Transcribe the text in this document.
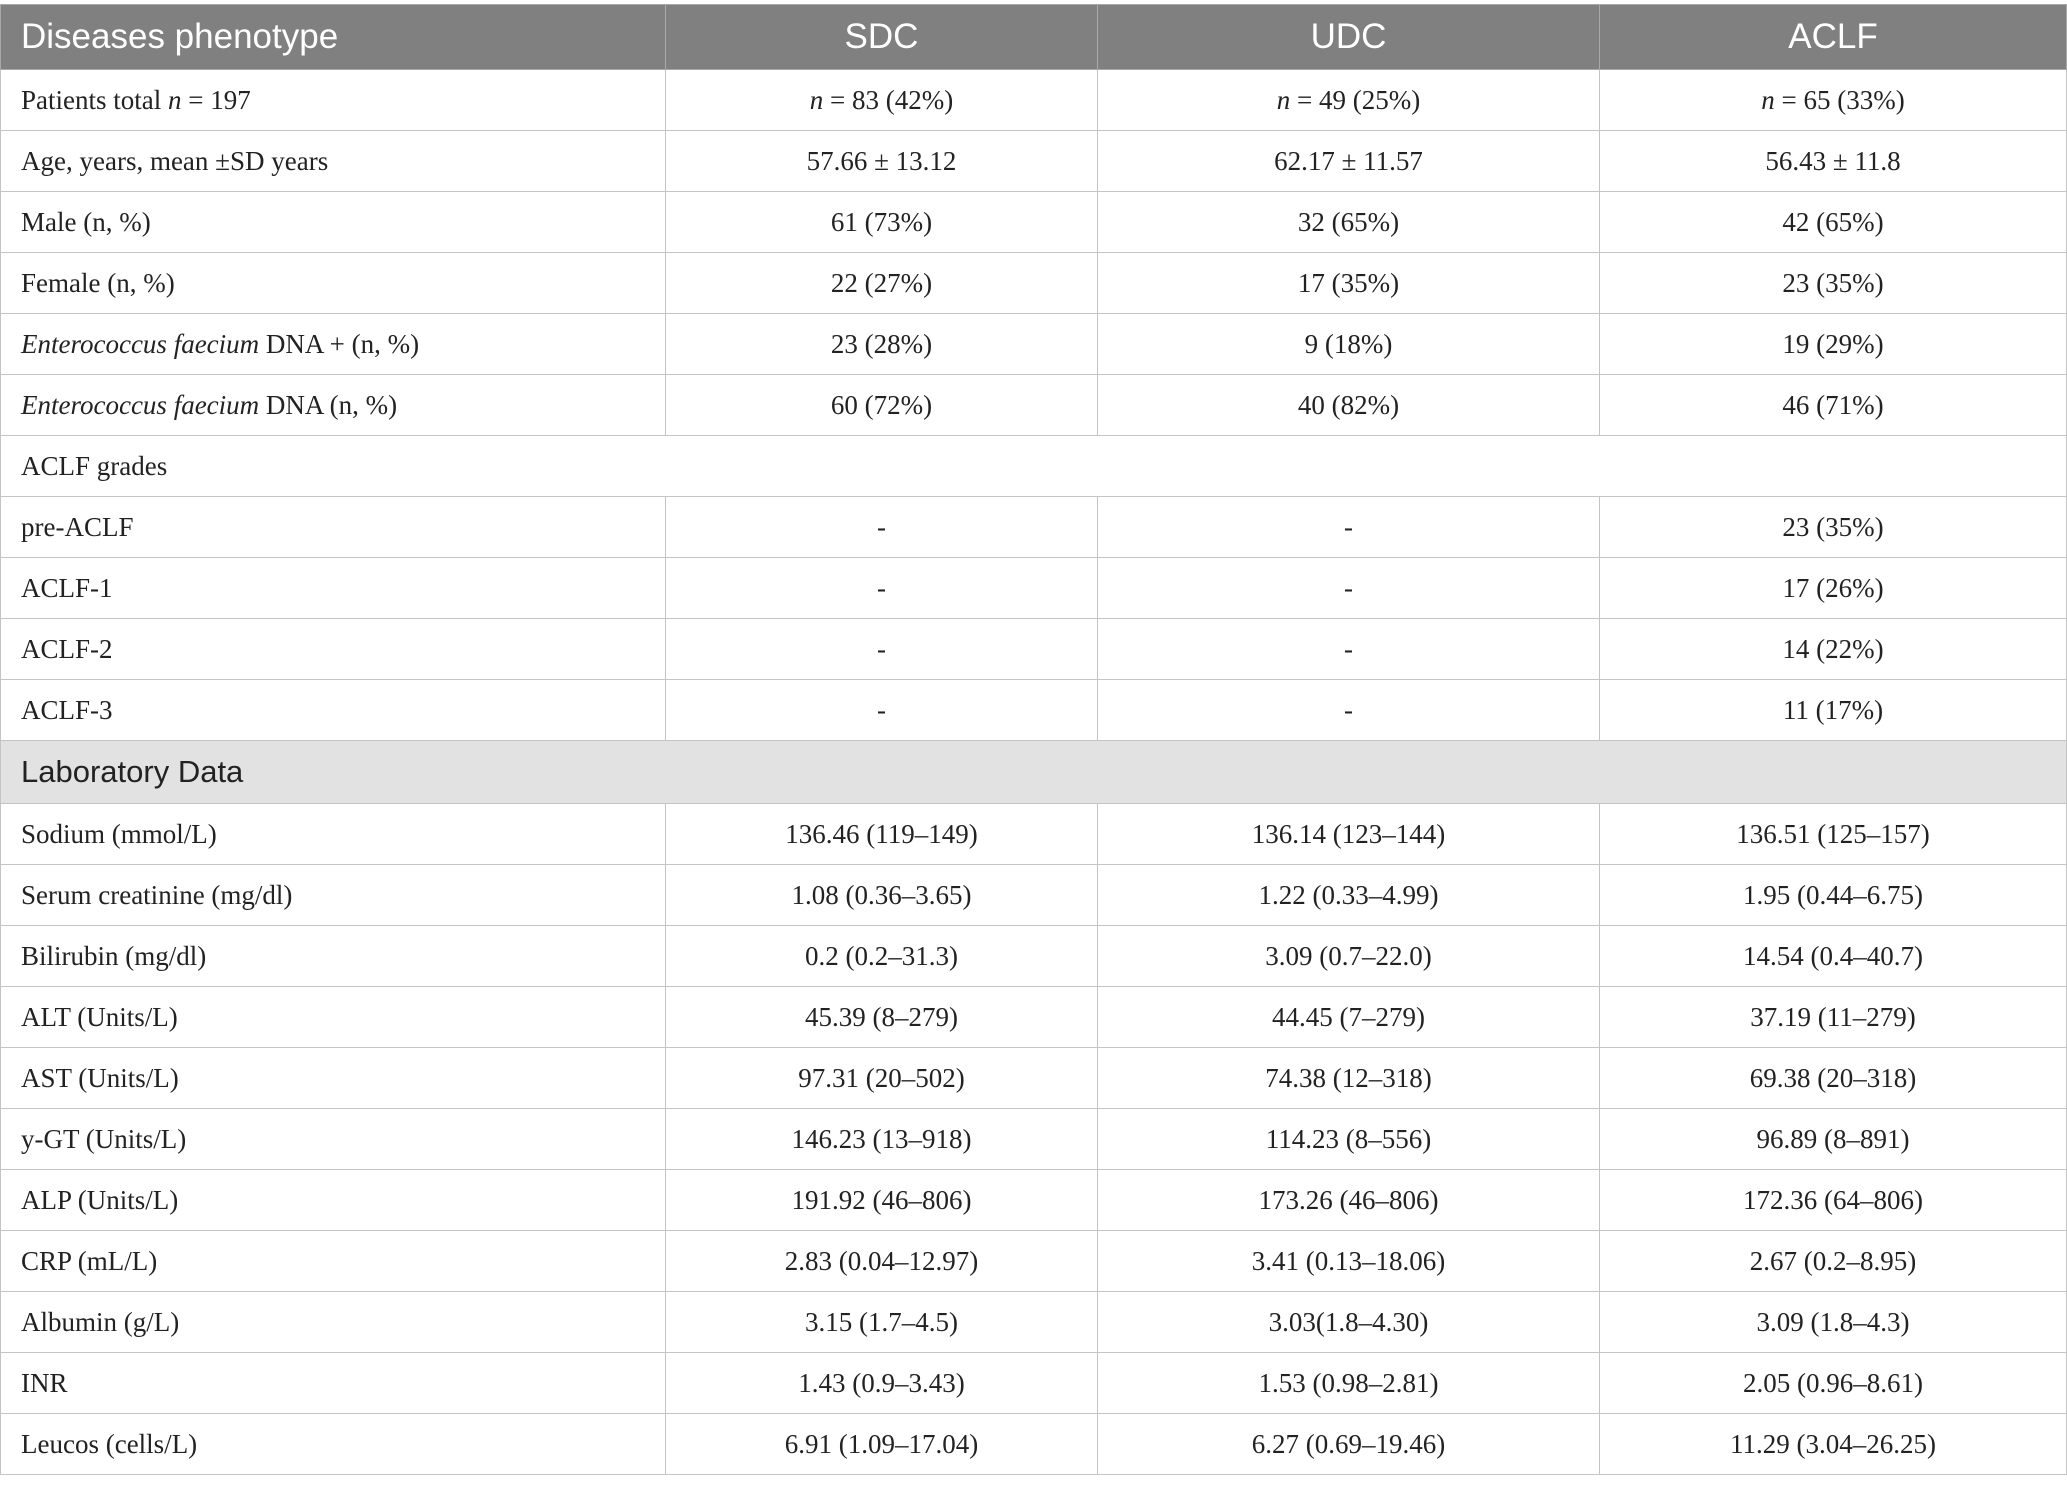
Diseases phenotype	SDC	UDC	ACLF
Patients total n = 197	n = 83 (42%)	n = 49 (25%)	n = 65 (33%)
Age, years, mean ±SD years	57.66 ± 13.12	62.17 ± 11.57	56.43 ± 11.8
Male (n, %)	61 (73%)	32 (65%)	42 (65%)
Female (n, %)	22 (27%)	17 (35%)	23 (35%)
Enterococcus faecium DNA + (n, %)	23 (28%)	9 (18%)	19 (29%)
Enterococcus faecium DNA (n, %)	60 (72%)	40 (82%)	46 (71%)
ACLF grades			
pre-ACLF	-	-	23 (35%)
ACLF-1	-	-	17 (26%)
ACLF-2	-	-	14 (22%)
ACLF-3	-	-	11 (17%)
Laboratory Data			
Sodium (mmol/L)	136.46 (119–149)	136.14 (123–144)	136.51 (125–157)
Serum creatinine (mg/dl)	1.08 (0.36–3.65)	1.22 (0.33–4.99)	1.95 (0.44–6.75)
Bilirubin (mg/dl)	0.2 (0.2–31.3)	3.09 (0.7–22.0)	14.54 (0.4–40.7)
ALT (Units/L)	45.39 (8–279)	44.45 (7–279)	37.19 (11–279)
AST (Units/L)	97.31 (20–502)	74.38 (12–318)	69.38 (20–318)
y-GT (Units/L)	146.23 (13–918)	114.23 (8–556)	96.89 (8–891)
ALP (Units/L)	191.92 (46–806)	173.26 (46–806)	172.36 (64–806)
CRP (mL/L)	2.83 (0.04–12.97)	3.41 (0.13–18.06)	2.67 (0.2–8.95)
Albumin (g/L)	3.15 (1.7–4.5)	3.03(1.8–4.30)	3.09 (1.8–4.3)
INR	1.43 (0.9–3.43)	1.53 (0.98–2.81)	2.05 (0.96–8.61)
Leucos (cells/L)	6.91 (1.09–17.04)	6.27 (0.69–19.46)	11.29 (3.04–26.25)
